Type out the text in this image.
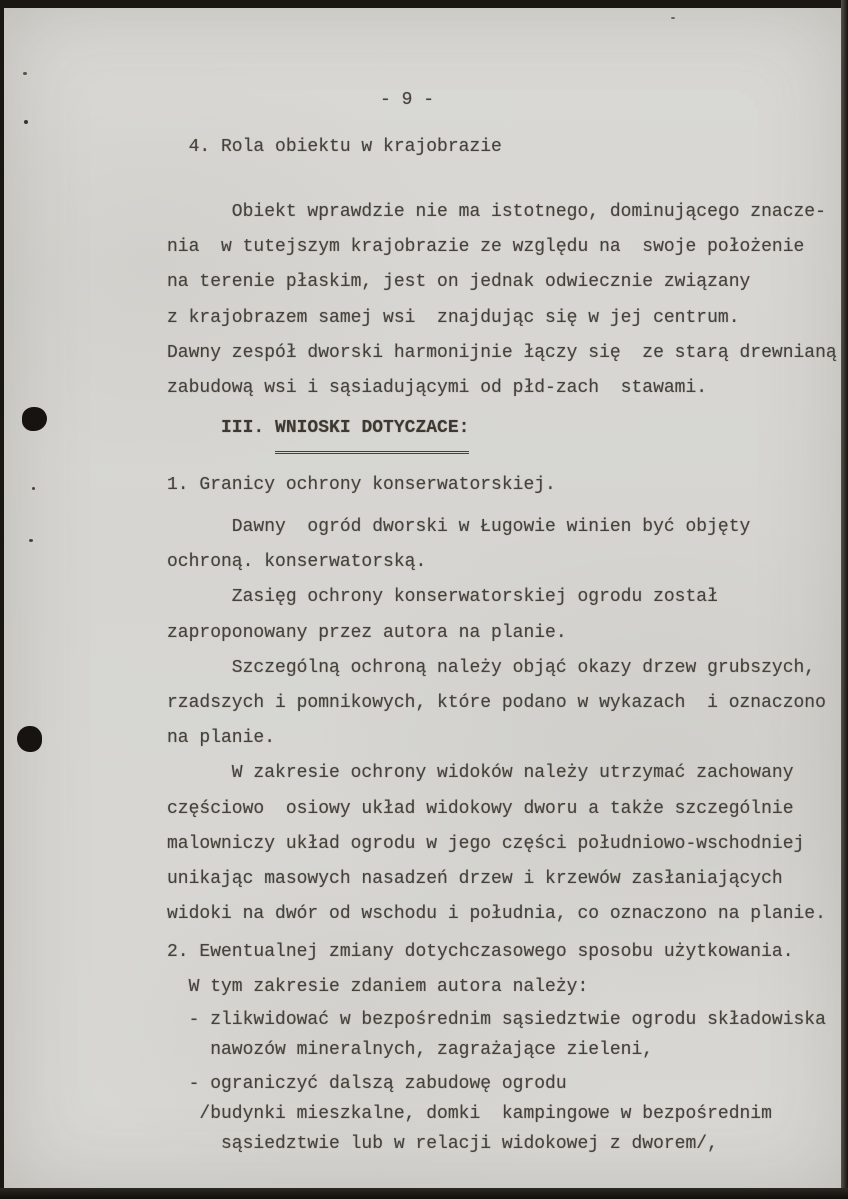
- 9 -
4. Rola obiektu w krajobrazie
Obiekt wprawdzie nie ma istotnego, dominującego znacze-
nia  w tutejszym krajobrazie ze względu na  swoje położenie
na terenie płaskim, jest on jednak odwiecznie związany
z krajobrazem samej wsi  znajdując się w jej centrum.
Dawny zespół dworski harmonijnie łączy się  ze starą drewnianą
zabudową wsi i sąsiadującymi od płd-zach  stawami.
III. WNIOSKI DOTYCZACE:
1. Granicy ochrony konserwatorskiej.
Dawny  ogród dworski w Ługowie winien być objęty
ochroną. konserwatorską.
Zasięg ochrony konserwatorskiej ogrodu został
zaproponowany przez autora na planie.
Szczególną ochroną należy objąć okazy drzew grubszych,
rzadszych i pomnikowych, które podano w wykazach  i oznaczono
na planie.
W zakresie ochrony widoków należy utrzymać zachowany
częściowo  osiowy układ widokowy dworu a także szczególnie
malowniczy układ ogrodu w jego części południowo-wschodniej
unikając masowych nasadzeń drzew i krzewów zasłaniających
widoki na dwór od wschodu i południa, co oznaczono na planie.
2. Ewentualnej zmiany dotychczasowego sposobu użytkowania.
W tym zakresie zdaniem autora należy:
- zlikwidować w bezpośrednim sąsiedztwie ogrodu składowiska
nawozów mineralnych, zagrażające zieleni,
- ograniczyć dalszą zabudowę ogrodu
/budynki mieszkalne, domki  kampingowe w bezpośrednim
sąsiedztwie lub w relacji widokowej z dworem/,
